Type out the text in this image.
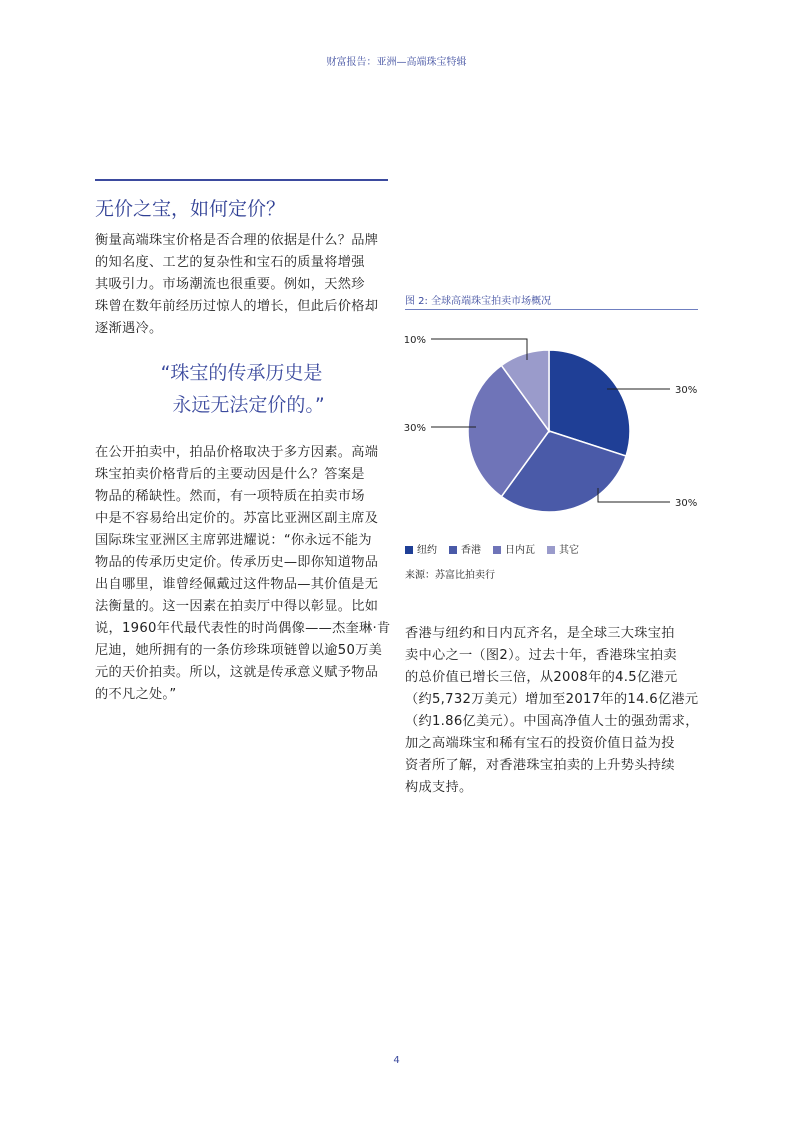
财富报告：亚洲—高端珠宝特辑
无价之宝，如何定价？
衡量高端珠宝价格是否合理的依据是什么？品牌
的知名度、工艺的复杂性和宝石的质量将增强
其吸引力。市场潮流也很重要。例如，天然珍
珠曾在数年前经历过惊人的增长，但此后价格却
逐渐遇冷。
“珠宝的传承历史是
永远无法定价的。”
在公开拍卖中，拍品价格取决于多方因素。高端
珠宝拍卖价格背后的主要动因是什么？答案是
物品的稀缺性。然而，有一项特质在拍卖市场
中是不容易给出定价的。苏富比亚洲区副主席及
国际珠宝亚洲区主席郭进耀说：“你永远不能为
物品的传承历史定价。传承历史—即你知道物品
出自哪里，谁曾经佩戴过这件物品—其价值是无
法衡量的。这一因素在拍卖厅中得以彰显。比如
说，1960年代最代表性的时尚偶像——杰奎琳·肯
尼迪，她所拥有的一条仿珍珠项链曾以逾50万美
元的天价拍卖。所以，这就是传承意义赋予物品
的不凡之处。”
图 2: 全球高端珠宝拍卖市场概况
30%
30%
30%
10%
纽约	香港	日内瓦	其它
来源：苏富比拍卖行
香港与纽约和日内瓦齐名，是全球三大珠宝拍
卖中心之一（图2）。过去十年，香港珠宝拍卖
的总价值已增长三倍，从2008年的4.5亿港元
（约5,732万美元）增加至2017年的14.6亿港元
（约1.86亿美元）。中国高净值人士的强劲需求，
加之高端珠宝和稀有宝石的投资价值日益为投
资者所了解，对香港珠宝拍卖的上升势头持续
构成支持。
4
